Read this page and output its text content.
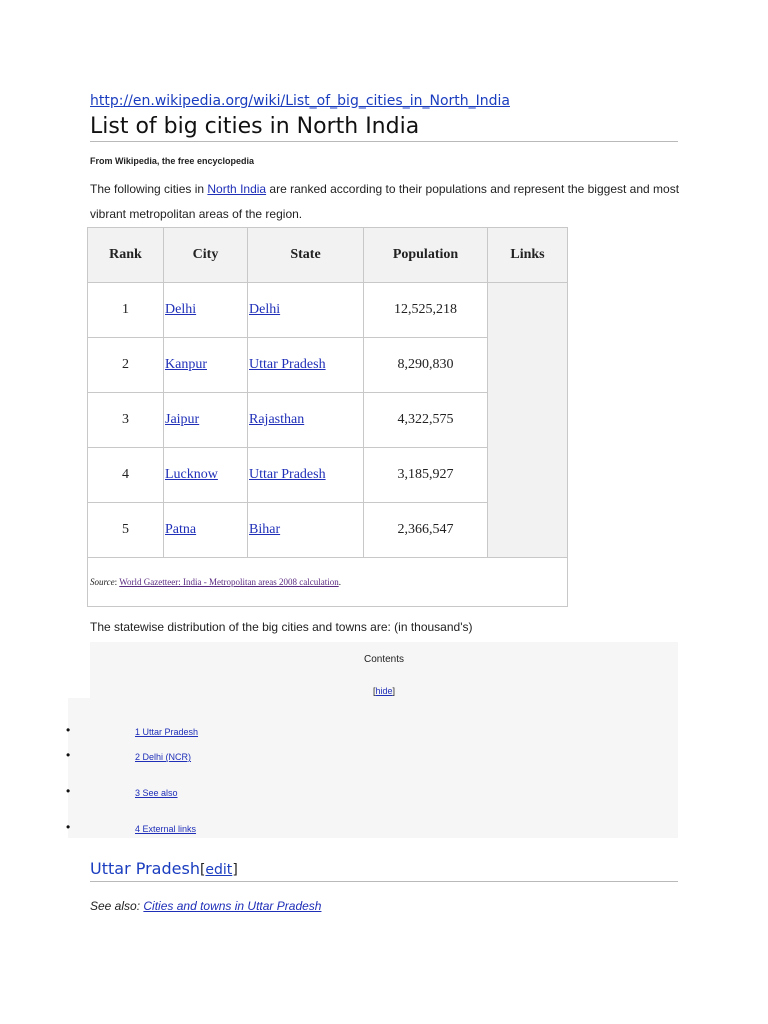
http://en.wikipedia.org/wiki/List_of_big_cities_in_North_India
List of big cities in North India
From Wikipedia, the free encyclopedia
The following cities in North India are ranked according to their populations and represent the biggest and most vibrant metropolitan areas of the region.
Rank	City	State	Population	Links
1	Delhi	Delhi	12,525,218	
2	Kanpur	Uttar Pradesh	8,290,830	
3	Jaipur	Rajasthan	4,322,575	
4	Lucknow	Uttar Pradesh	3,185,927	
5	Patna	Bihar	2,366,547	
Source: World Gazetteer: India - Metropolitan areas 2008 calculation.				
The statewise distribution of the big cities and towns are: (in thousand's)
Contents
[hide]
•	1 Uttar Pradesh
•	2 Delhi (NCR)
•	3 See also
•	4 External links
Uttar Pradesh[edit]
See also: Cities and towns in Uttar Pradesh
